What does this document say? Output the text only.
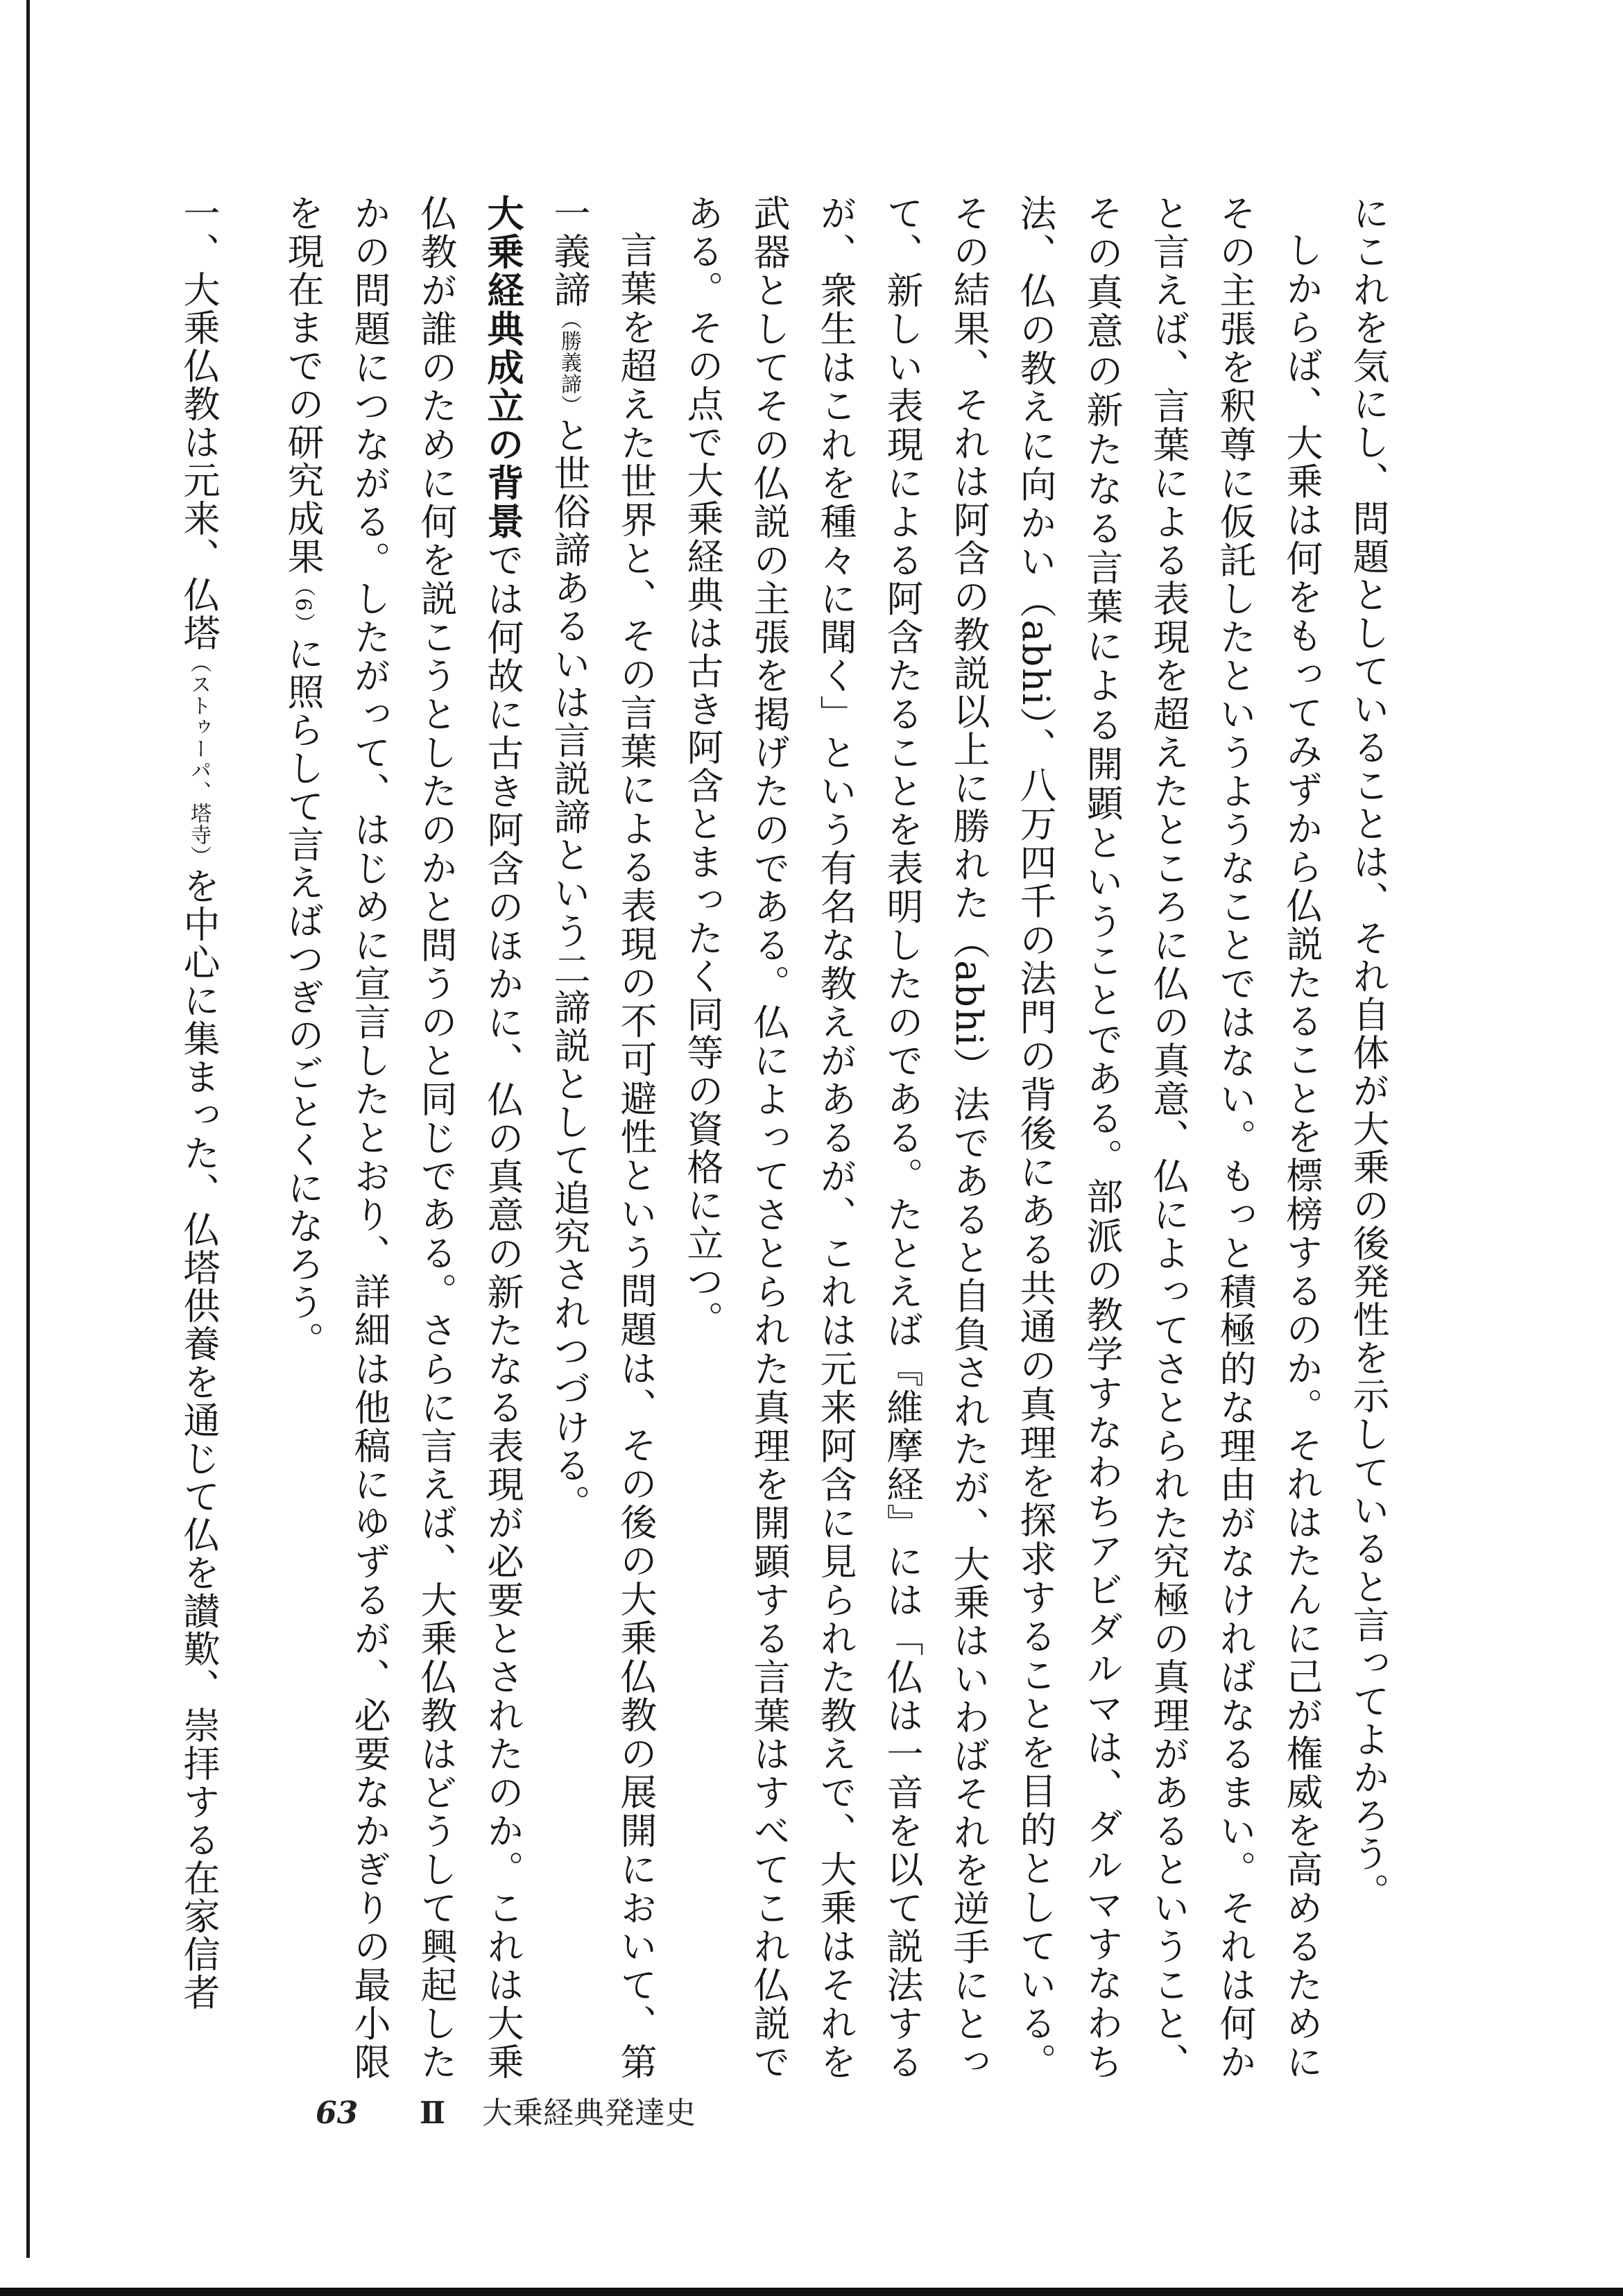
にこれを気にし、問題としていることは、それ自体が大乗の後発性を示していると言ってよかろう。

しからば、大乗は何をもってみずから仏説たることを標榜するのか。それはたんに己が権威を高めるためにその主張を釈尊に仮託したというようなことではない。もっと積極的な理由がなければなるまい。それは何かと言えば、言葉による表現を超えたところに仏の真意、仏によってさとられた究極の真理があるということ、その真意の新たなる言葉による開顕ということである。部派の教学すなわちアビダルマは、ダルマすなわち法、仏の教えに向かい（abhi）、八万四千の法門の背後にある共通の真理を探求することを目的としている。その結果、それは阿含の教説以上に勝れた（abhi）法であると自負されたが、大乗はいわばそれを逆手にとって、新しい表現による阿含たることを表明したのである。たとえば『維摩経』には「仏は一音を以て説法するが、衆生はこれを種々に聞く」という有名な教えがあるが、これは元来阿含に見られた教えで、大乗はそれを武器としてその仏説の主張を掲げたのである。仏によってさとられた真理を開顕する言葉はすべてこれ仏説である。その点で大乗経典は古き阿含とまったく同等の資格に立つ。

言葉を超えた世界と、その言葉による表現の不可避性という問題は、その後の大乗仏教の展開において、第一義諦（勝義諦）と世俗諦あるいは言説諦という二諦説として追究されつづける。

大乗経典成立の背景では何故に古き阿含のほかに、仏の真意の新たなる表現が必要とされたのか。これは大乗仏教が誰のために何を説こうとしたのかと問うのと同じである。さらに言えば、大乗仏教はどうして興起したかの問題につながる。したがって、はじめに宣言したとおり、詳細は他稿にゆずるが、必要なかぎりの最小限を現在までの研究成果（6）に照らして言えばつぎのごとくになろう。

一、大乗仏教は元来、仏塔（ストゥーパ、塔寺）を中心に集まった、仏塔供養を通じて仏を讃歎、崇拝する在家信者

63	Ⅱ	大乗経典発達史
